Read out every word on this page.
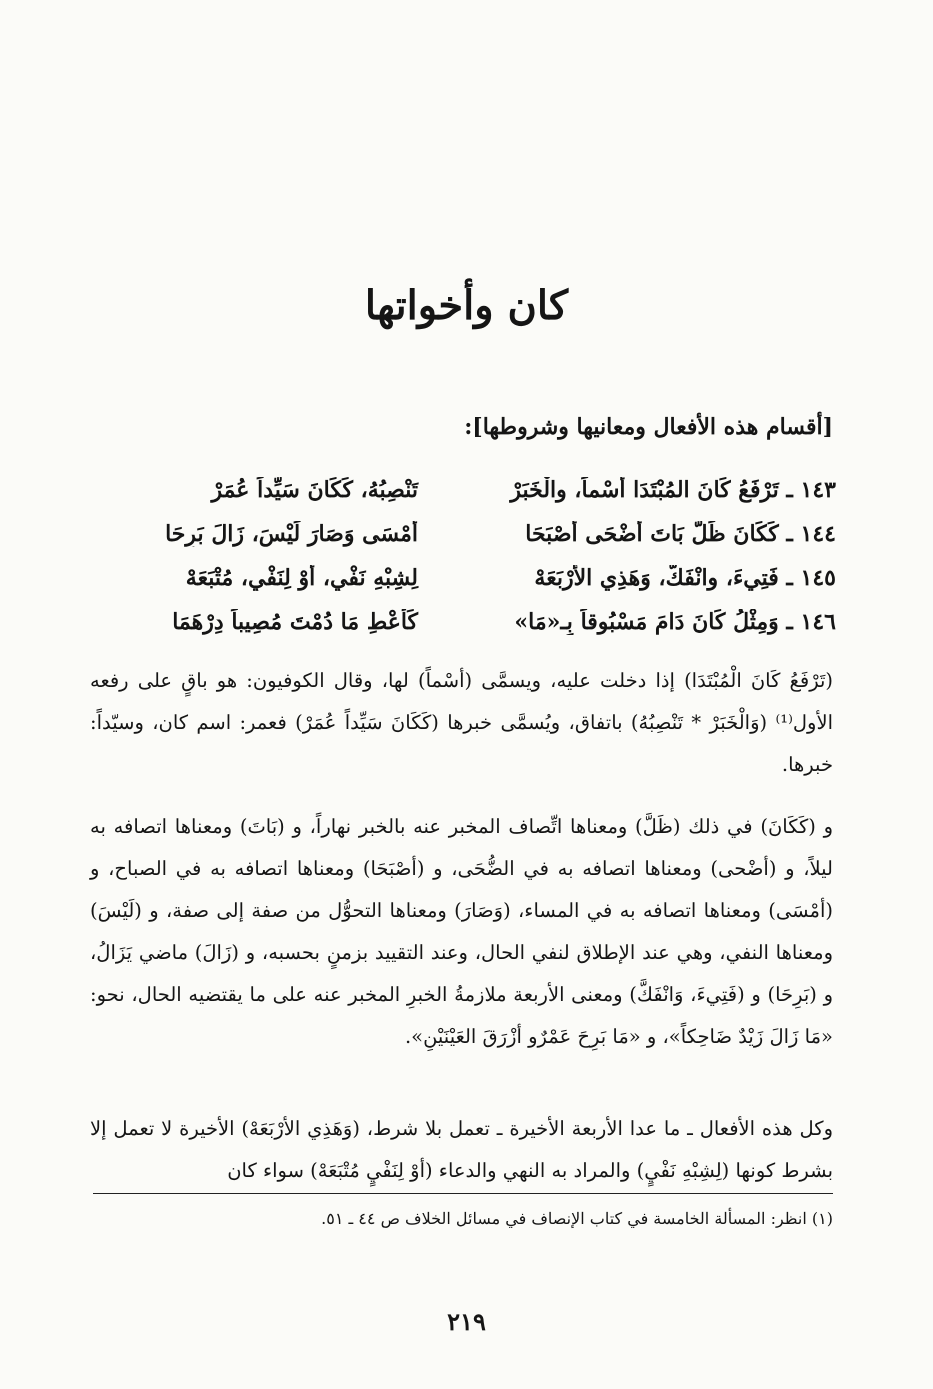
كان وأخواتها
[أقسام هذه الأفعال ومعانيها وشروطها]:
١٤٣ ـ تَرْفَعُ كَانَ المُبْتَدَا أسْماً، والْخَبَرْ
تَنْصِبُهُ، كَكَانَ سَيِّداً عُمَرْ
١٤٤ ـ كَكَانَ ظَلَّ بَاتَ أضْحَى أصْبَحَا
أمْسَى وَصَارَ لَيْسَ، زَالَ بَرِحَا
١٤٥ ـ فَتِيءَ، وانْفَكَّ، وَهَذِي الأرْبَعَهْ
لِشِبْهِ نَفْيٍ، أوْ لِنَفْيٍ، مُتْبَعَهْ
١٤٦ ـ وَمِثْلُ كَانَ دَامَ مَسْبُوقاً بِـ«مَا»
كَأعْطِ مَا دُمْتَ مُصِيباً دِرْهَمَا

(تَرْفَعُ كَانَ الْمُبْتَدَا) إذا دخلت عليه، ويسمَّى (أسْماً) لها، وقال الكوفيون: هو باقٍ على رفعه الأول⁽¹⁾ (وَالْخَبَرْ * تَنْصِبُهُ) باتفاق، ويُسمَّى خبرها (كَكَانَ سَيِّداً عُمَرْ) فعمر: اسم كان، وسيّداً: خبرها.

و (كَكَانَ) في ذلك (ظَلَّ) ومعناها اتِّصاف المخبر عنه بالخبر نهاراً، و (بَاتَ) ومعناها اتصافه به ليلاً، و (أضْحى) ومعناها اتصافه به في الضُّحَى، و (أصْبَحَا) ومعناها اتصافه به في الصباح، و (أمْسَى) ومعناها اتصافه به في المساء، (وَصَارَ) ومعناها التحوُّل من صفة إلى صفة، و (لَيْسَ) ومعناها النفي، وهي عند الإطلاق لنفي الحال، وعند التقييد بزمنٍ بحسبه، و (زَالَ) ماضي يَزَالُ، و (بَرِحَا) و (فَتِيءَ، وَانْفَكَّ) ومعنى الأربعة ملازمةُ الخبرِ المخبر عنه على ما يقتضيه الحال، نحو: «مَا زَالَ زَيْدٌ ضَاحِكاً»، و «مَا بَرِحَ عَمْرٌو أزْرَقَ العَيْنَيْنِ».

وكل هذه الأفعال ـ ما عدا الأربعة الأخيرة ـ تعمل بلا شرط، (وَهَذِي الأرْبَعَهْ) الأخيرة لا تعمل إلا بشرط كونها (لِشِبْهِ نَفْيٍ) والمراد به النهي والدعاء (أوْ لِنَفْيٍ مُتْبَعَهْ) سواء كان

(١) انظر: المسألة الخامسة في كتاب الإنصاف في مسائل الخلاف ص ٤٤ ـ ٥١.

٢١٩
